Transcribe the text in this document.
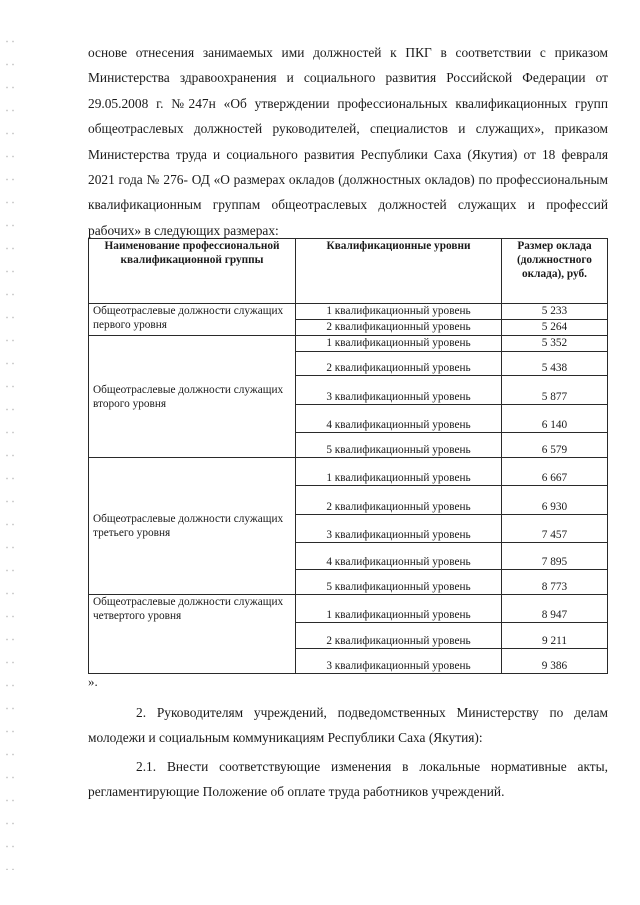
основе отнесения занимаемых ими должностей к ПКГ в соответствии с приказом Министерства здравоохранения и социального развития Российской Федерации от 29.05.2008 г. №247н «Об утверждении профессиональных квалификационных групп общеотраслевых должностей руководителей, специалистов и служащих», приказом Министерства труда и социального развития Республики Саха (Якутия) от 18 февраля 2021 года № 276- ОД «О размерах окладов (должностных окладов) по профессиональным квалификационным группам общеотраслевых должностей служащих и профессий рабочих» в следующих размерах:

Наименование профессиональной квалификационной группы	Квалификационные уровни	Размер оклада (должностного оклада), руб.
Общеотраслевые должности служащих первого уровня	1 квалификационный уровень	5 233
	2 квалификационный уровень	5 264
Общеотраслевые должности служащих второго уровня	1 квалификационный уровень	5 352
	2 квалификационный уровень	5 438
	3 квалификационный уровень	5 877
	4 квалификационный уровень	6 140
	5 квалификационный уровень	6 579
Общеотраслевые должности служащих третьего уровня	1 квалификационный уровень	6 667
	2 квалификационный уровень	6 930
	3 квалификационный уровень	7 457
	4 квалификационный уровень	7 895
	5 квалификационный уровень	8 773
Общеотраслевые должности служащих четвертого уровня	1 квалификационный уровень	8 947
	2 квалификационный уровень	9 211
	3 квалификационный уровень	9 386
».

2. Руководителям учреждений, подведомственных Министерству по делам молодежи и социальным коммуникациям Республики Саха (Якутия):

2.1. Внести соответствующие изменения в локальные нормативные акты, регламентирующие Положение об оплате труда работников учреждений.
